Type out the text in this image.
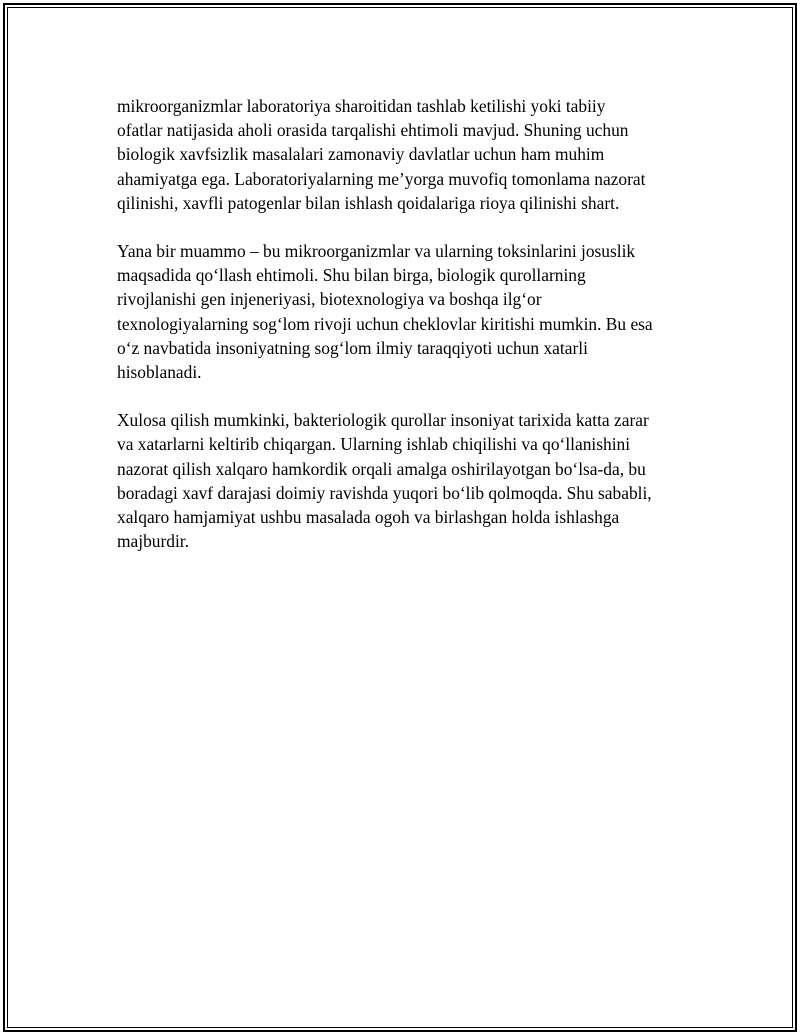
mikroorganizmlar laboratoriya sharoitidan tashlab ketilishi yoki tabiiy
ofatlar natijasida aholi orasida tarqalishi ehtimoli mavjud. Shuning uchun
biologik xavfsizlik masalalari zamonaviy davlatlar uchun ham muhim
ahamiyatga ega. Laboratoriyalarning me’yorga muvofiq tomonlama nazorat
qilinishi, xavfli patogenlar bilan ishlash qoidalariga rioya qilinishi shart.

Yana bir muammo – bu mikroorganizmlar va ularning toksinlarini josuslik
maqsadida qo‘llash ehtimoli. Shu bilan birga, biologik qurollarning
rivojlanishi gen injeneriyasi, biotexnologiya va boshqa ilg‘or
texnologiyalarning sog‘lom rivoji uchun cheklovlar kiritishi mumkin. Bu esa
o‘z navbatida insoniyatning sog‘lom ilmiy taraqqiyoti uchun xatarli
hisoblanadi.

Xulosa qilish mumkinki, bakteriologik qurollar insoniyat tarixida katta zarar
va xatarlarni keltirib chiqargan. Ularning ishlab chiqilishi va qo‘llanishini
nazorat qilish xalqaro hamkordik orqali amalga oshirilayotgan bo‘lsa-da, bu
boradagi xavf darajasi doimiy ravishda yuqori bo‘lib qolmoqda. Shu sababli,
xalqaro hamjamiyat ushbu masalada ogoh va birlashgan holda ishlashga
majburdir.
